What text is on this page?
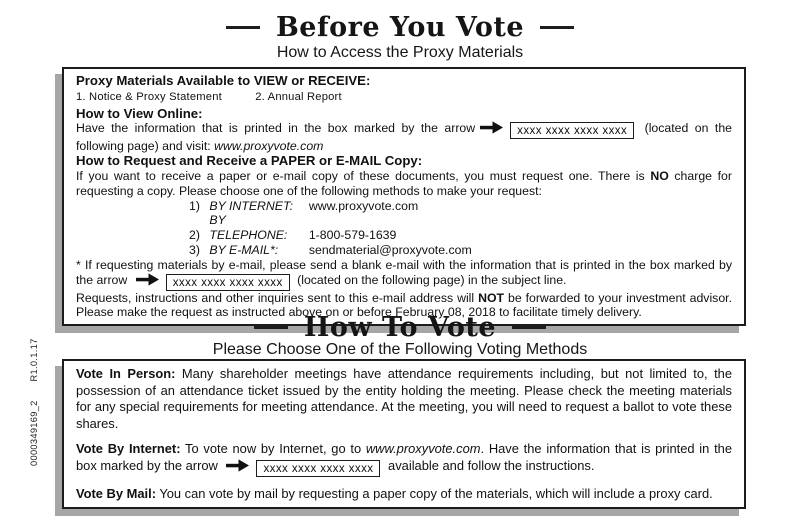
Before You Vote
How to Access the Proxy Materials
Proxy Materials Available to VIEW or RECEIVE:
1. Notice & Proxy Statement	2. Annual Report
How to View Online:
Have the information that is printed in the box marked by the arrow	xxxx xxxx xxxx xxxx (located on the following page) and visit: www.proxyvote.com
How to Request and Receive a PAPER or E-MAIL Copy:
If you want to receive a paper or e-mail copy of these documents, you must request one. There is NO charge for requesting a copy. Please choose one of the following methods to make your request:
1) BY INTERNET: www.proxyvote.com
2) BY TELEPHONE: 1-800-579-1639
3) BY E-MAIL*: sendmaterial@proxyvote.com
* If requesting materials by e-mail, please send a blank e-mail with the information that is printed in the box marked by the arrow	xxxx xxxx xxxx xxxx (located on the following page) in the subject line.
Requests, instructions and other inquiries sent to this e-mail address will NOT be forwarded to your investment advisor. Please make the request as instructed above on or before February 08, 2018 to facilitate timely delivery.
How To Vote
Please Choose One of the Following Voting Methods
Vote In Person: Many shareholder meetings have attendance requirements including, but not limited to, the possession of an attendance ticket issued by the entity holding the meeting. Please check the meeting materials for any special requirements for meeting attendance. At the meeting, you will need to request a ballot to vote these shares.
Vote By Internet: To vote now by Internet, go to www.proxyvote.com. Have the information that is printed in the box marked by the arrow	xxxx xxxx xxxx xxxx available and follow the instructions.
Vote By Mail: You can vote by mail by requesting a paper copy of the materials, which will include a proxy card.
0000349169_2 R1.0.1.17
